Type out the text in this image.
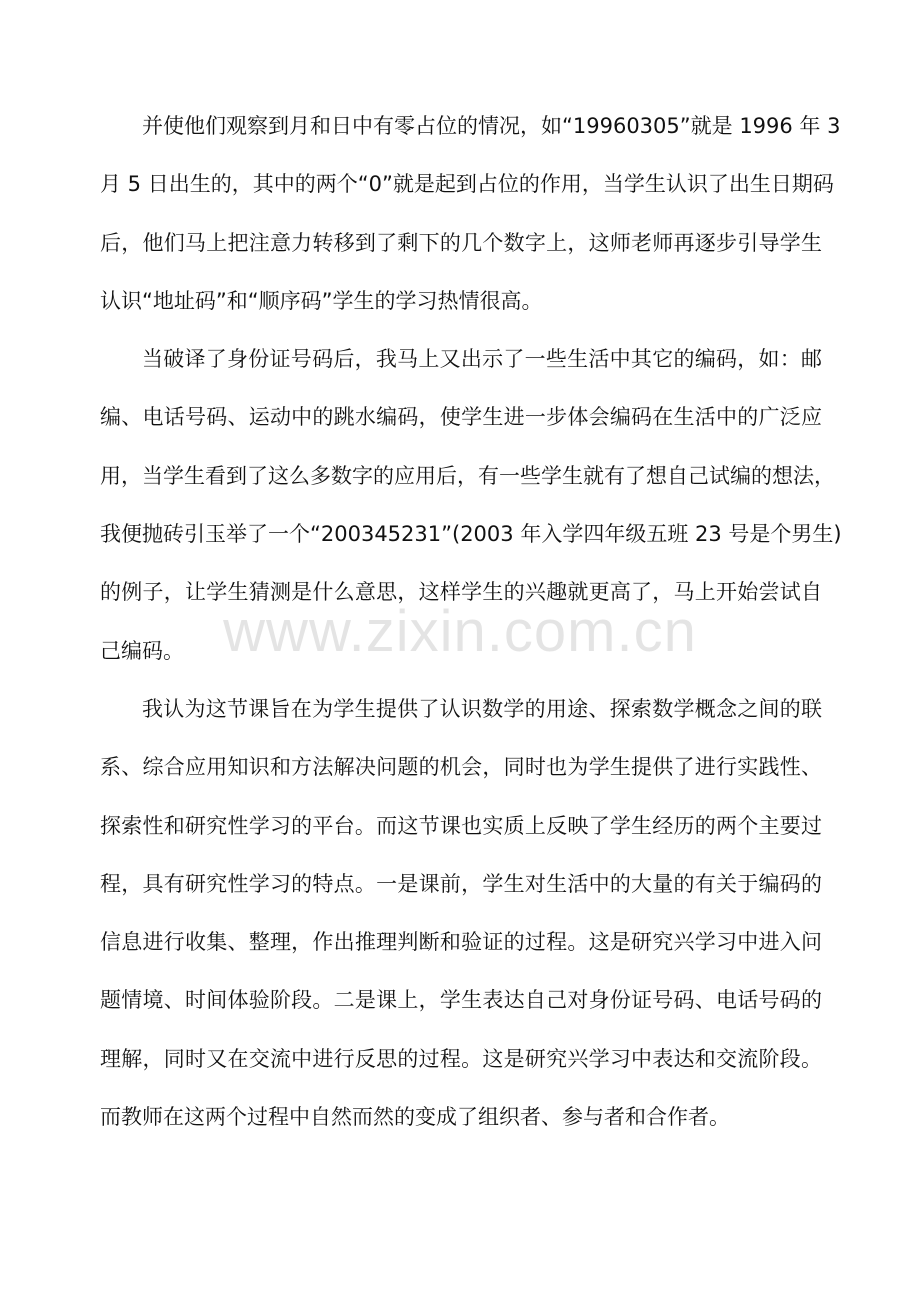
并使他们观察到月和日中有零占位的情况，如“19960305”就是 1996 年 3
月 5 日出生的，其中的两个“0”就是起到占位的作用，当学生认识了出生日期码
后，他们马上把注意力转移到了剩下的几个数字上，这师老师再逐步引导学生
认识“地址码”和“顺序码”学生的学习热情很高。
当破译了身份证号码后，我马上又出示了一些生活中其它的编码，如：邮
编、电话号码、运动中的跳水编码，使学生进一步体会编码在生活中的广泛应
用，当学生看到了这么多数字的应用后，有一些学生就有了想自己试编的想法，
我便抛砖引玉举了一个“200345231”(2003 年入学四年级五班 23 号是个男生)
的例子，让学生猜测是什么意思，这样学生的兴趣就更高了，马上开始尝试自
己编码。
我认为这节课旨在为学生提供了认识数学的用途、探索数学概念之间的联
系、综合应用知识和方法解决问题的机会，同时也为学生提供了进行实践性、
探索性和研究性学习的平台。而这节课也实质上反映了学生经历的两个主要过
程，具有研究性学习的特点。一是课前，学生对生活中的大量的有关于编码的
信息进行收集、整理，作出推理判断和验证的过程。这是研究兴学习中进入问
题情境、时间体验阶段。二是课上，学生表达自己对身份证号码、电话号码的
理解，同时又在交流中进行反思的过程。这是研究兴学习中表达和交流阶段。
而教师在这两个过程中自然而然的变成了组织者、参与者和合作者。
www.zixin.com.cn
